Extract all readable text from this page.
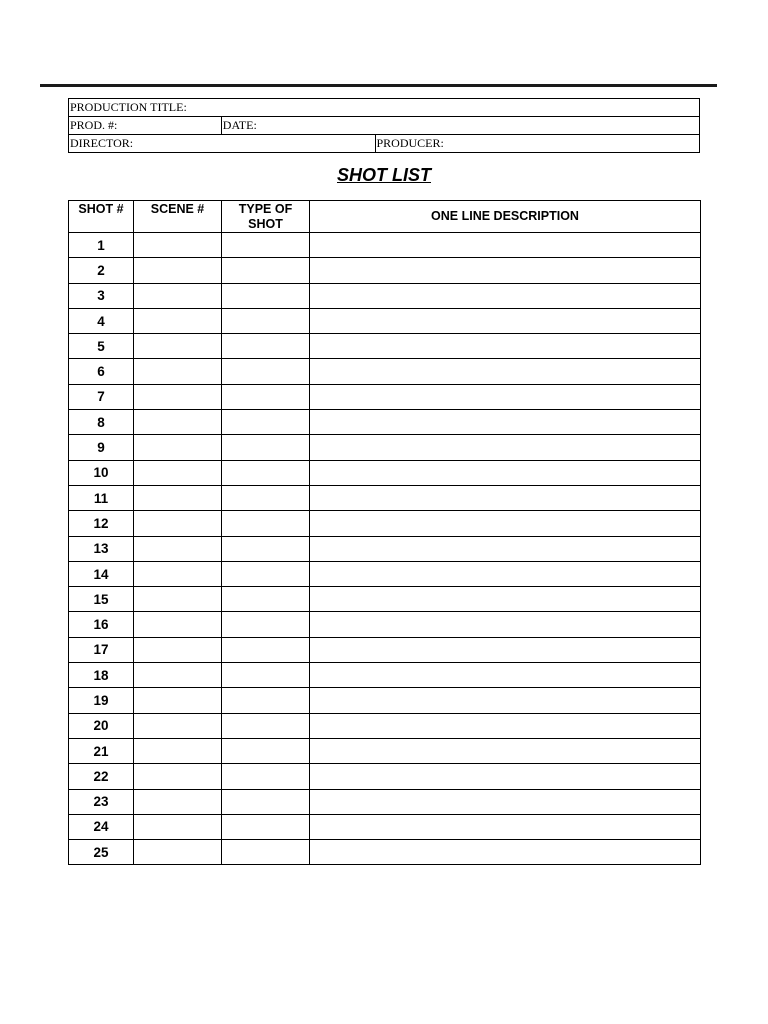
PRODUCTION TITLE:		
PROD. #:	DATE:	
DIRECTOR:		PRODUCER:
SHOT LIST
SHOT #	SCENE #	TYPE OF SHOT	ONE LINE DESCRIPTION
1			
2			
3			
4			
5			
6			
7			
8			
9			
10			
11			
12			
13			
14			
15			
16			
17			
18			
19			
20			
21			
22			
23			
24			
25			
